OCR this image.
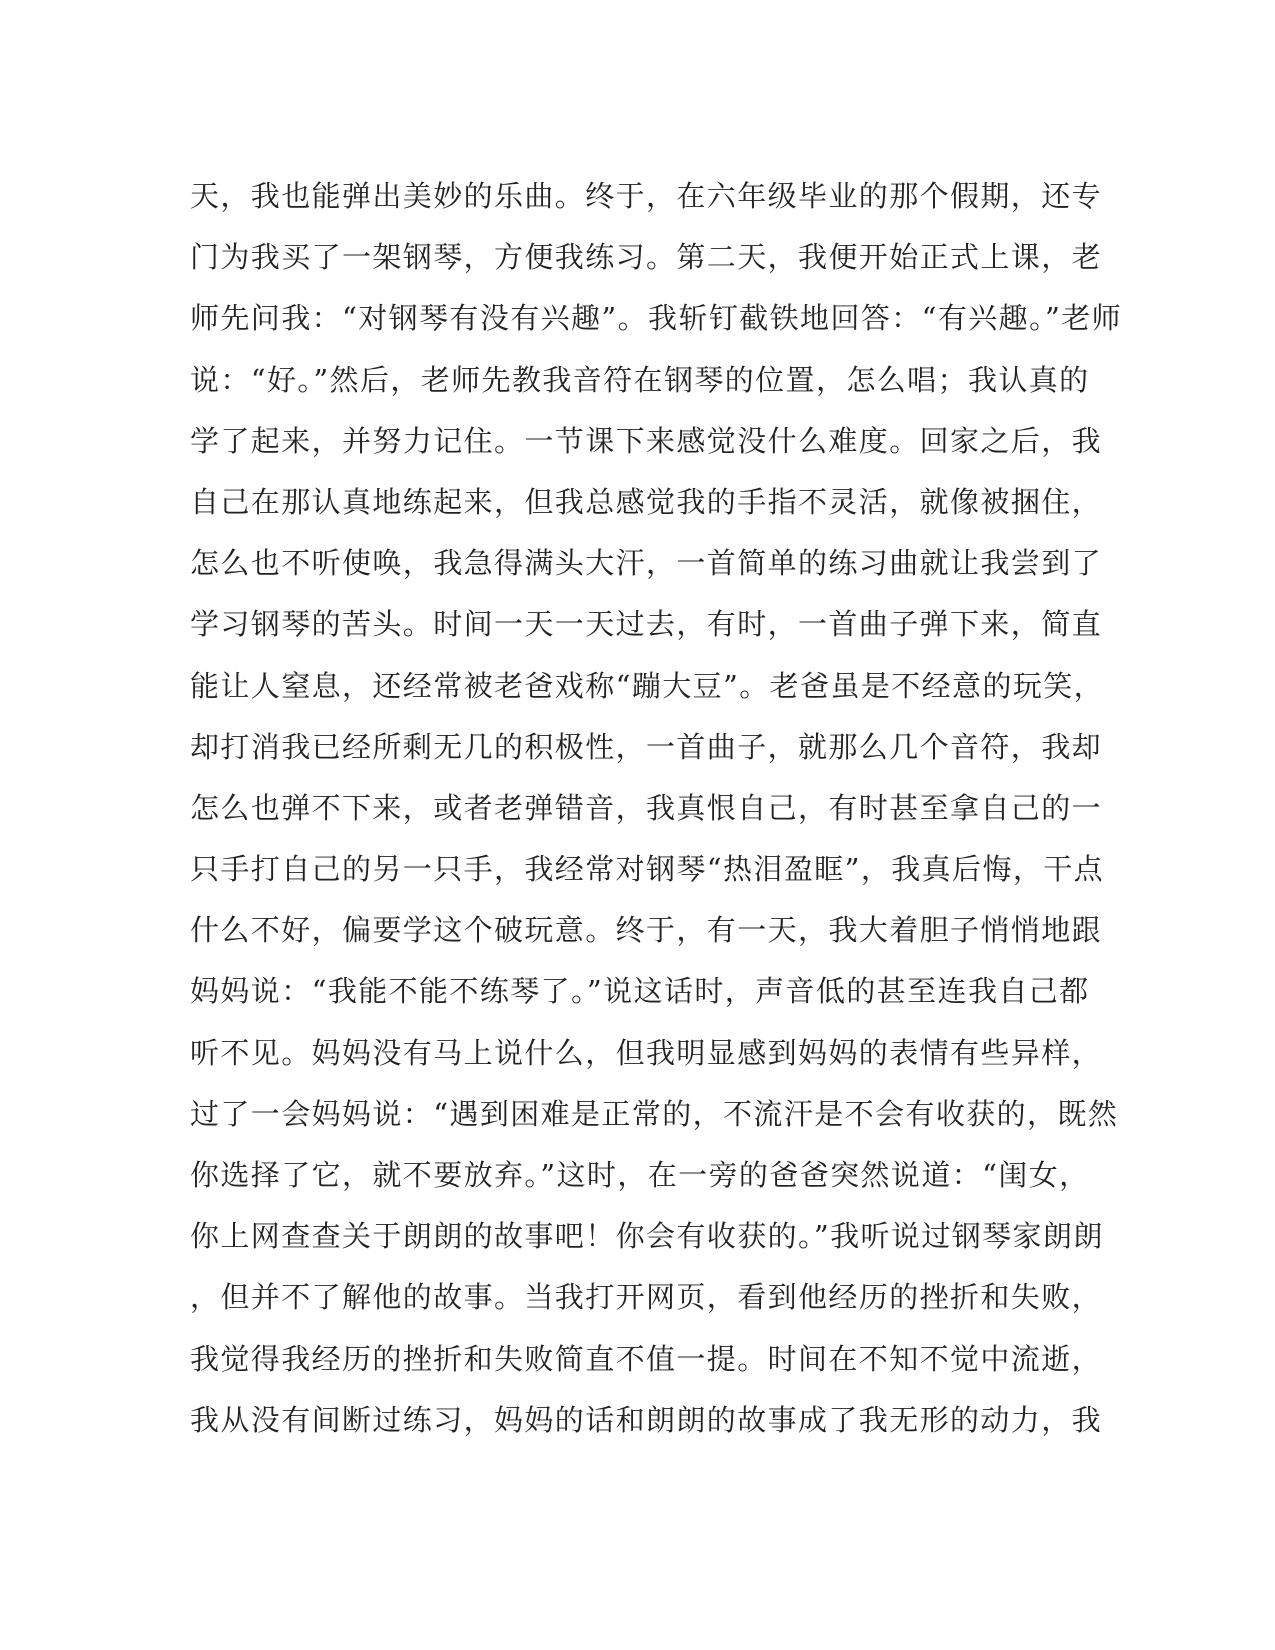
天，我也能弹出美妙的乐曲。终于，在六年级毕业的那个假期，还专
门为我买了一架钢琴，方便我练习。第二天，我便开始正式上课，老
师先问我：“对钢琴有没有兴趣”。我斩钉截铁地回答：“有兴趣。”老师
说：“好。”然后，老师先教我音符在钢琴的位置，怎么唱；我认真的
学了起来，并努力记住。一节课下来感觉没什么难度。回家之后，我
自己在那认真地练起来，但我总感觉我的手指不灵活，就像被捆住，
怎么也不听使唤，我急得满头大汗，一首简单的练习曲就让我尝到了
学习钢琴的苦头。时间一天一天过去，有时，一首曲子弹下来，简直
能让人窒息，还经常被老爸戏称“蹦大豆”。老爸虽是不经意的玩笑，
却打消我已经所剩无几的积极性，一首曲子，就那么几个音符，我却
怎么也弹不下来，或者老弹错音，我真恨自己，有时甚至拿自己的一
只手打自己的另一只手，我经常对钢琴“热泪盈眶”，我真后悔，干点
什么不好，偏要学这个破玩意。终于，有一天，我大着胆子悄悄地跟
妈妈说：“我能不能不练琴了。”说这话时，声音低的甚至连我自己都
听不见。妈妈没有马上说什么，但我明显感到妈妈的表情有些异样，
过了一会妈妈说：“遇到困难是正常的，不流汗是不会有收获的，既然
你选择了它，就不要放弃。”这时，在一旁的爸爸突然说道：“闺女，
你上网查查关于朗朗的故事吧！你会有收获的。”我听说过钢琴家朗朗
，但并不了解他的故事。当我打开网页，看到他经历的挫折和失败，
我觉得我经历的挫折和失败简直不值一提。时间在不知不觉中流逝，
我从没有间断过练习，妈妈的话和朗朗的故事成了我无形的动力，我
